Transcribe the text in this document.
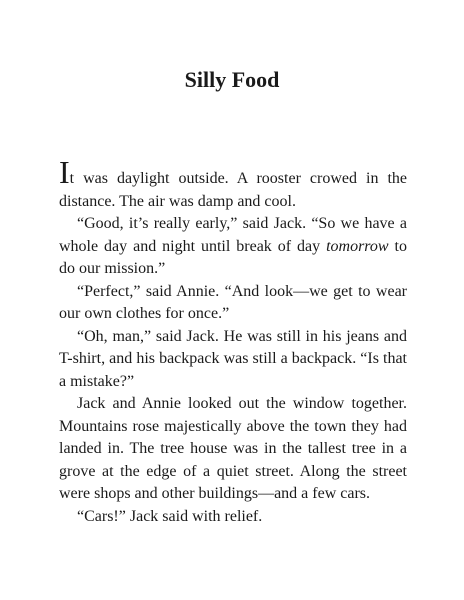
Silly Food

It was daylight outside. A rooster crowed in the distance. The air was damp and cool.

“Good, it’s really early,” said Jack. “So we have a whole day and night until break of day tomorrow to do our mission.”

“Perfect,” said Annie. “And look—we get to wear our own clothes for once.”

“Oh, man,” said Jack. He was still in his jeans and T-shirt, and his backpack was still a backpack. “Is that a mistake?”

Jack and Annie looked out the window together. Mountains rose majestically above the town they had landed in. The tree house was in the tallest tree in a grove at the edge of a quiet street. Along the street were shops and other buildings—and a few cars.

“Cars!” Jack said with relief.
